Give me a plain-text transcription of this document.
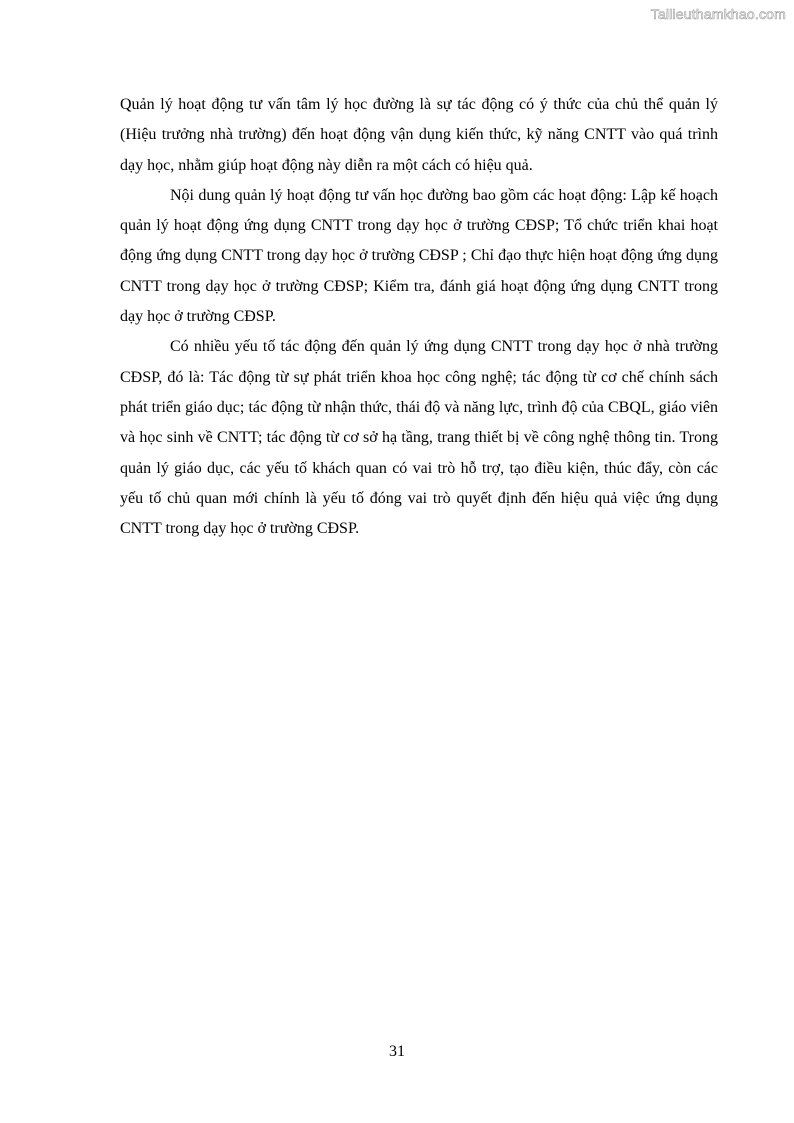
Tailieuthamkhao.com

Quản lý hoạt động tư vấn tâm lý học đường là sự tác động có ý thức của chủ thể quản lý (Hiệu trưởng nhà trường) đến hoạt động vận dụng kiến thức, kỹ năng CNTT vào quá trình dạy học, nhằm giúp hoạt động này diễn ra một cách có hiệu quả.

Nội dung quản lý hoạt động tư vấn học đường bao gồm các hoạt động: Lập kế hoạch quản lý hoạt động ứng dụng CNTT trong dạy học ở trường CĐSP; Tổ chức triển khai hoạt động ứng dụng CNTT trong dạy học ở trường CĐSP ; Chỉ đạo thực hiện hoạt động ứng dụng CNTT trong dạy học ở trường CĐSP; Kiểm tra, đánh giá hoạt động ứng dụng CNTT trong dạy học ở trường CĐSP.

Có nhiều yếu tố tác động đến quản lý ứng dụng CNTT trong dạy học ở nhà trường CĐSP, đó là: Tác động từ sự phát triển khoa học công nghệ; tác động từ cơ chế chính sách phát triển giáo dục; tác động từ nhận thức, thái độ và năng lực, trình độ của CBQL, giáo viên và học sinh về CNTT; tác động từ cơ sở hạ tầng, trang thiết bị về công nghệ thông tin. Trong quản lý giáo dục, các yếu tố khách quan có vai trò hỗ trợ, tạo điều kiện, thúc đẩy, còn các yếu tố chủ quan mới chính là yếu tố đóng vai trò quyết định đến hiệu quả việc ứng dụng CNTT trong dạy học ở trường CĐSP.

31
